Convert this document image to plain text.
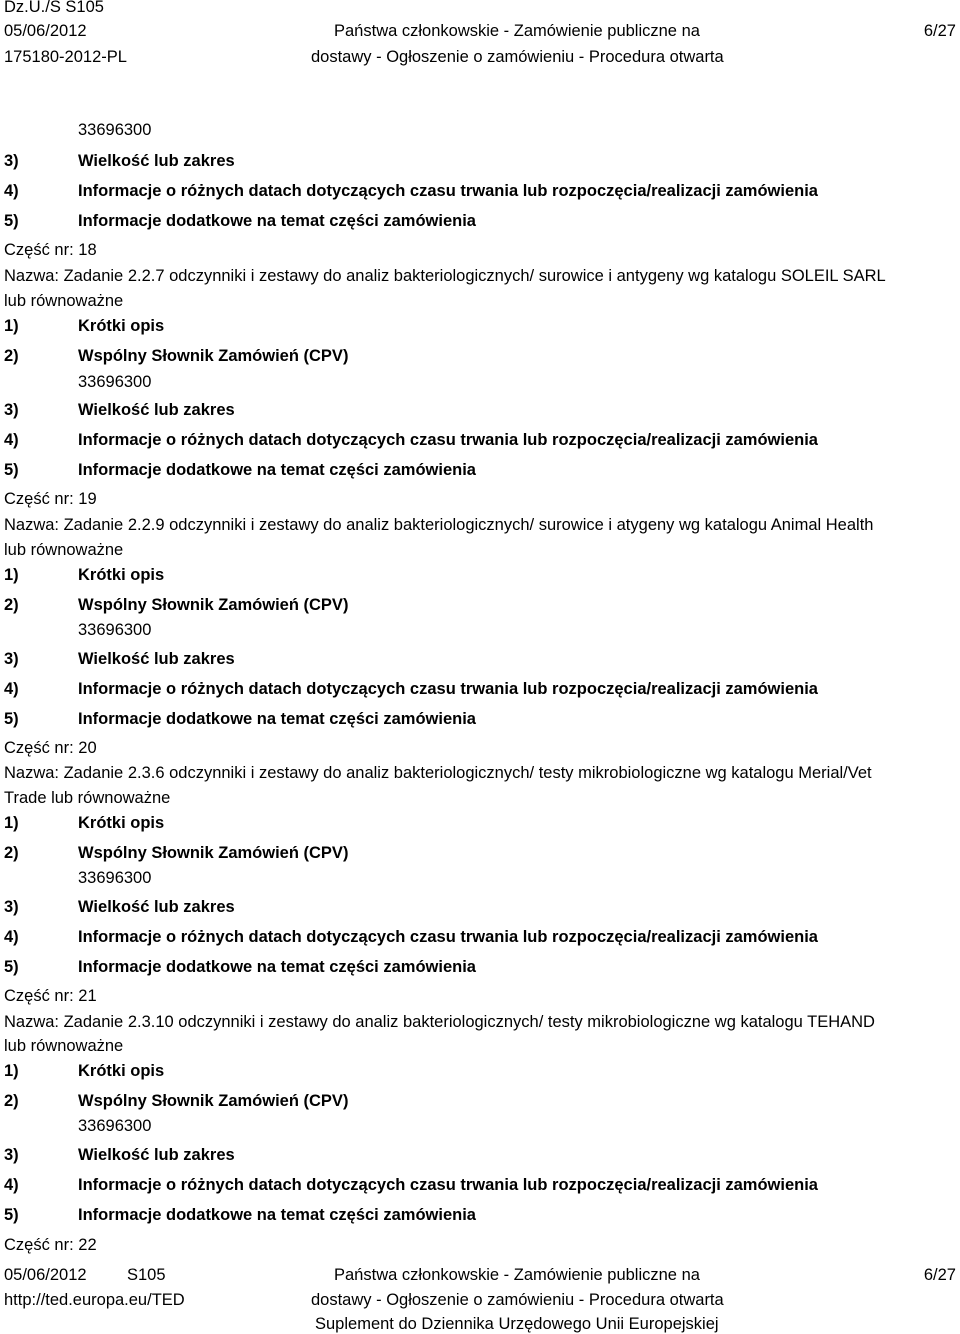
Dz.U./S S105
05/06/2012
175180-2012-PL
Państwa członkowskie - Zamówienie publiczne na
dostawy - Ogłoszenie o zamówieniu - Procedura otwarta
6/27
33696300
3)	Wielkość lub zakres
4)	Informacje o różnych datach dotyczących czasu trwania lub rozpoczęcia/realizacji zamówienia
5)	Informacje dodatkowe na temat części zamówienia
Część nr: 18
Nazwa: Zadanie 2.2.7 odczynniki i zestawy do analiz bakteriologicznych/ surowice i antygeny wg katalogu SOLEIL SARL
lub równoważne
1)	Krótki opis
2)	Wspólny Słownik Zamówień (CPV)
33696300
3)	Wielkość lub zakres
4)	Informacje o różnych datach dotyczących czasu trwania lub rozpoczęcia/realizacji zamówienia
5)	Informacje dodatkowe na temat części zamówienia
Część nr: 19
Nazwa: Zadanie 2.2.9 odczynniki i zestawy do analiz bakteriologicznych/ surowice i atygeny wg katalogu Animal Health
lub równoważne
1)	Krótki opis
2)	Wspólny Słownik Zamówień (CPV)
33696300
3)	Wielkość lub zakres
4)	Informacje o różnych datach dotyczących czasu trwania lub rozpoczęcia/realizacji zamówienia
5)	Informacje dodatkowe na temat części zamówienia
Część nr: 20
Nazwa: Zadanie 2.3.6 odczynniki i zestawy do analiz bakteriologicznych/ testy mikrobiologiczne wg katalogu Merial/Vet
Trade lub równoważne
1)	Krótki opis
2)	Wspólny Słownik Zamówień (CPV)
33696300
3)	Wielkość lub zakres
4)	Informacje o różnych datach dotyczących czasu trwania lub rozpoczęcia/realizacji zamówienia
5)	Informacje dodatkowe na temat części zamówienia
Część nr: 21
Nazwa: Zadanie 2.3.10 odczynniki i zestawy do analiz bakteriologicznych/ testy mikrobiologiczne wg katalogu TEHAND
lub równoważne
1)	Krótki opis
2)	Wspólny Słownik Zamówień (CPV)
33696300
3)	Wielkość lub zakres
4)	Informacje o różnych datach dotyczących czasu trwania lub rozpoczęcia/realizacji zamówienia
5)	Informacje dodatkowe na temat części zamówienia
Część nr: 22
05/06/2012 S105
http://ted.europa.eu/TED
Państwa członkowskie - Zamówienie publiczne na
dostawy - Ogłoszenie o zamówieniu - Procedura otwarta
Suplement do Dziennika Urzędowego Unii Europejskiej
6/27
